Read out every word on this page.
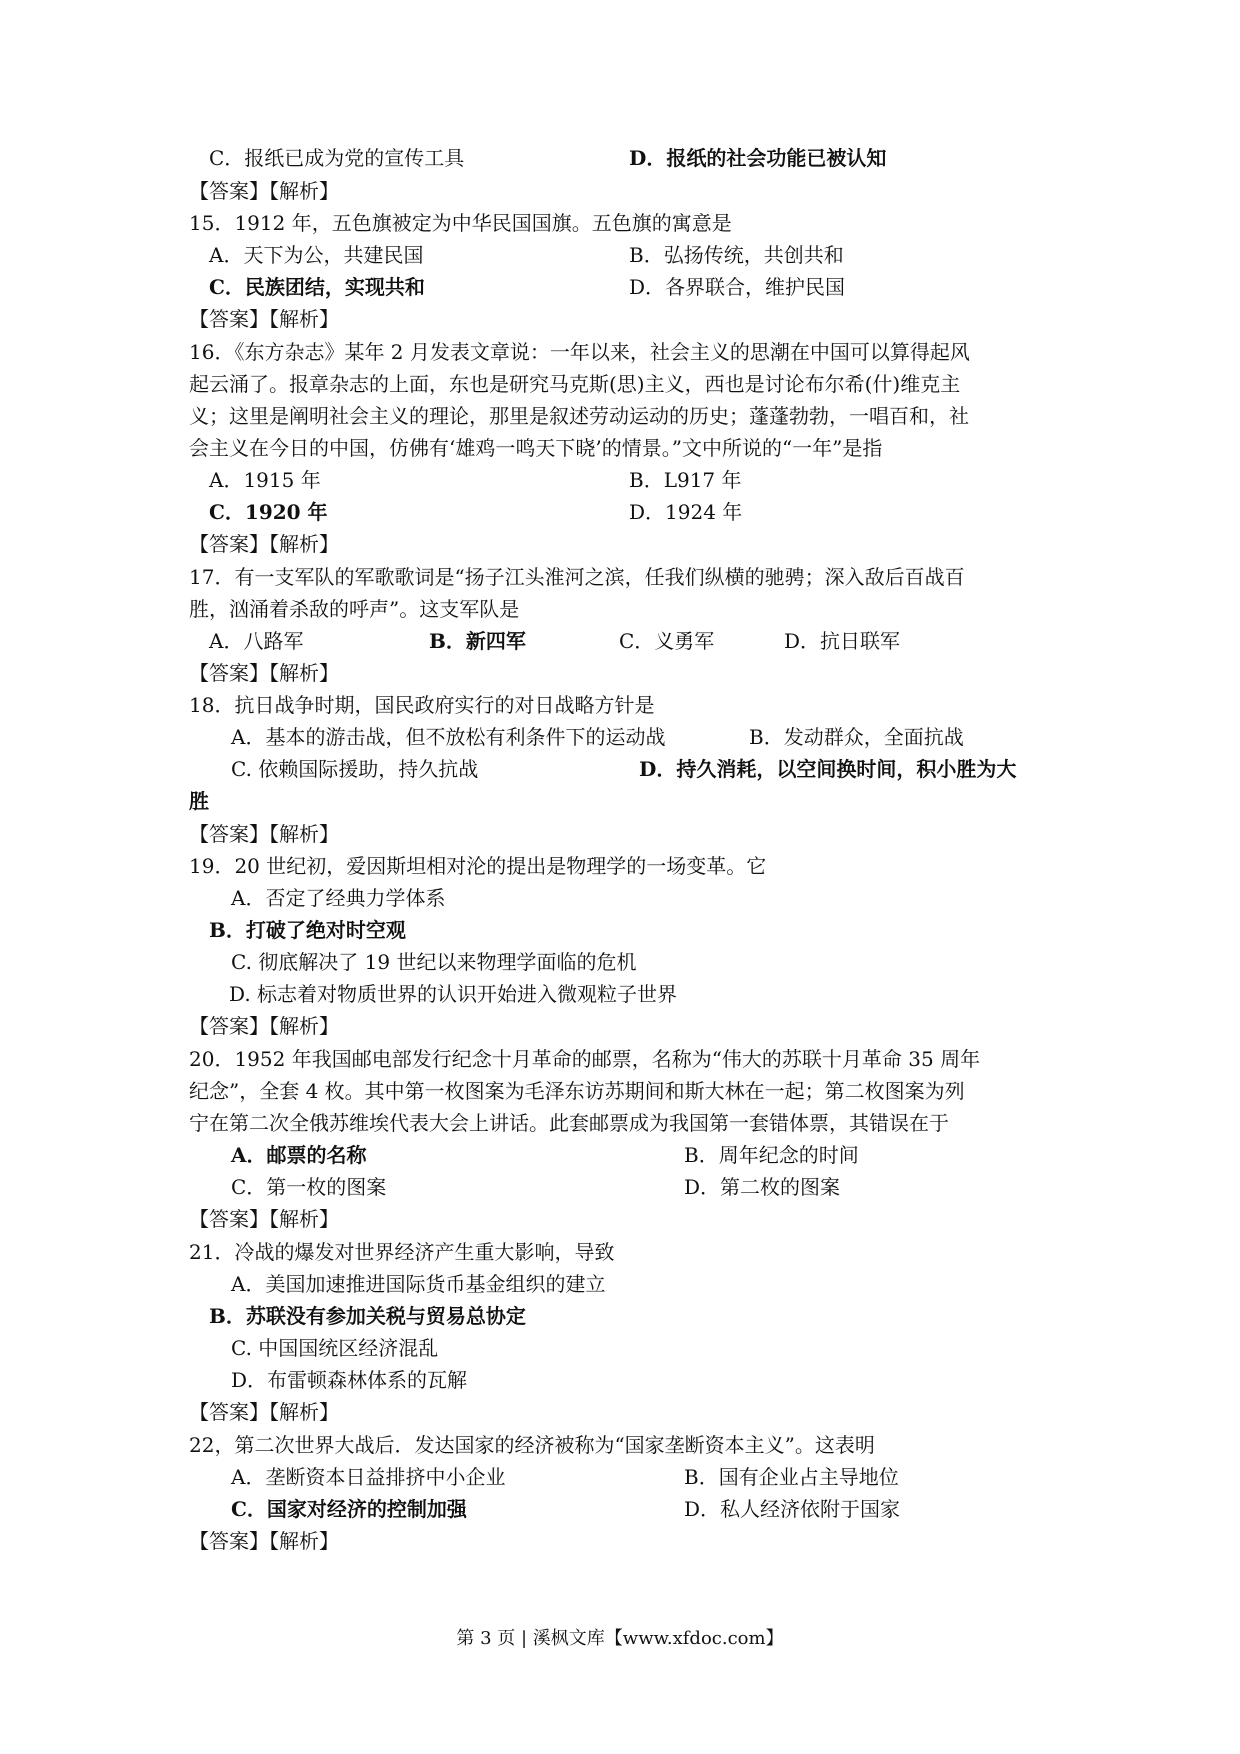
C．报纸已成为党的宣传工具	D．报纸的社会功能已被认知
【答案】【解析】
15．1912 年，五色旗被定为中华民国国旗。五色旗的寓意是
A．天下为公，共建民国	B．弘扬传统，共创共和
C．民族团结，实现共和	D．各界联合，维护民国
【答案】【解析】
16．《东方杂志》某年 2 月发表文章说：一年以来，社会主义的思潮在中国可以算得起风
起云涌了。报章杂志的上面，东也是研究马克斯(思)主义，西也是讨论布尔希(什)维克主
义；这里是阐明社会主义的理论，那里是叙述劳动运动的历史；蓬蓬勃勃，一唱百和，社
会主义在今日的中国，仿佛有‘雄鸡一鸣天下晓’的情景。”文中所说的“一年”是指
A．1915 年	B．L917 年
C．1920 年	D．1924 年
【答案】【解析】
17．有一支军队的军歌歌词是“扬子江头淮河之滨，任我们纵横的驰骋；深入敌后百战百
胜，汹涌着杀敌的呼声”。这支军队是
A．八路军	B．新四军	C．义勇军	D．抗日联军
【答案】【解析】
18．抗日战争时期，国民政府实行的对日战略方针是
A．基本的游击战，但不放松有利条件下的运动战	B．发动群众，全面抗战
C. 依赖国际援助，持久抗战	D．持久消耗，以空间换时间，积小胜为大
胜
【答案】【解析】
19．20 世纪初，爱因斯坦相对沦的提出是物理学的一场变革。它
A．否定了经典力学体系
B．打破了绝对时空观
C. 彻底解决了 19 世纪以来物理学面临的危机
D. 标志着对物质世界的认识开始进入微观粒子世界
【答案】【解析】
20．1952 年我国邮电部发行纪念十月革命的邮票，名称为“伟大的苏联十月革命 35 周年
纪念”，全套 4 枚。其中第一枚图案为毛泽东访苏期间和斯大林在一起；第二枚图案为列
宁在第二次全俄苏维埃代表大会上讲话。此套邮票成为我国第一套错体票，其错误在于
A．邮票的名称	B．周年纪念的时间
C．第一枚的图案	D．第二枚的图案
【答案】【解析】
21．冷战的爆发对世界经济产生重大影响，导致
A．美国加速推进国际货币基金组织的建立
B．苏联没有参加关税与贸易总协定
C. 中国国统区经济混乱
D．布雷顿森林体系的瓦解
【答案】【解析】
22，第二次世界大战后．发达国家的经济被称为“国家垄断资本主义”。这表明
A．垄断资本日益排挤中小企业	B．国有企业占主导地位
C．国家对经济的控制加强	D．私人经济依附于国家
【答案】【解析】
第 3 页 | 溪枫文库【www.xfdoc.com】
